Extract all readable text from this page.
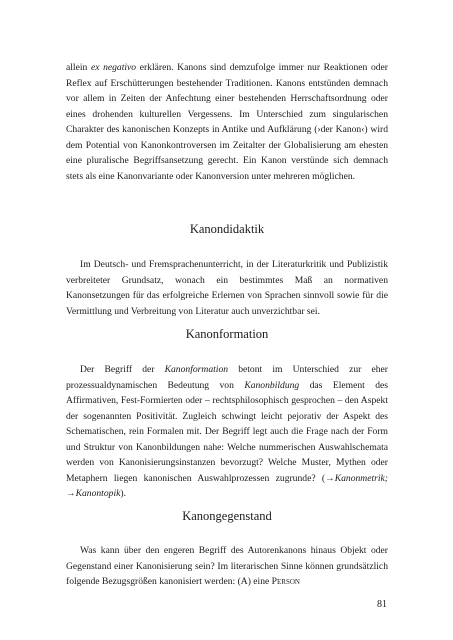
allein ex negativo erklären. Kanons sind demzufolge immer nur Reaktionen oder Reflex auf Erschütterungen bestehender Traditionen. Kanons entstünden demnach vor allem in Zeiten der Anfechtung einer bestehenden Herrschaftsordnung oder eines drohenden kulturellen Vergessens. Im Unterschied zum singularischen Charakter des kanonischen Konzepts in Antike und Aufklärung (›der Kanon‹) wird dem Potential von Kanonkontroversen im Zeitalter der Globalisierung am ehesten eine pluralische Begriffsansetzung gerecht. Ein Kanon verstünde sich demnach stets als eine Kanonvariante oder Kanonversion unter mehreren möglichen.

Kanondidaktik

Im Deutsch- und Fremsprachenunterricht, in der Literaturkritik und Publizistik verbreiteter Grundsatz, wonach ein bestimmtes Maß an normativen Kanonsetzungen für das erfolgreiche Erlernen von Sprachen sinnvoll sowie für die Vermittlung und Verbreitung von Literatur auch unverzichtbar sei.

Kanonformation

Der Begriff der Kanonformation betont im Unterschied zur eher prozessualdynamischen Bedeutung von Kanonbildung das Element des Affirmativen, Fest-Formierten oder – rechtsphilosophisch gesprochen – den Aspekt der sogenannten Positivität. Zugleich schwingt leicht pejorativ der Aspekt des Schematischen, rein Formalen mit. Der Begriff legt auch die Frage nach der Form und Struktur von Kanonbildungen nahe: Welche nummerischen Auswahlschemata werden von Kanonisierungsinstanzen bevorzugt? Welche Muster, Mythen oder Metaphern liegen kanonischen Auswahlprozessen zugrunde? (→Kanonmetrik; →Kanontopik).

Kanongegenstand

Was kann über den engeren Begriff des Autorenkanons hinaus Objekt oder Gegenstand einer Kanonisierung sein? Im literarischen Sinne können grundsätzlich folgende Bezugsgrößen kanonisiert werden: (A) eine Person

81
